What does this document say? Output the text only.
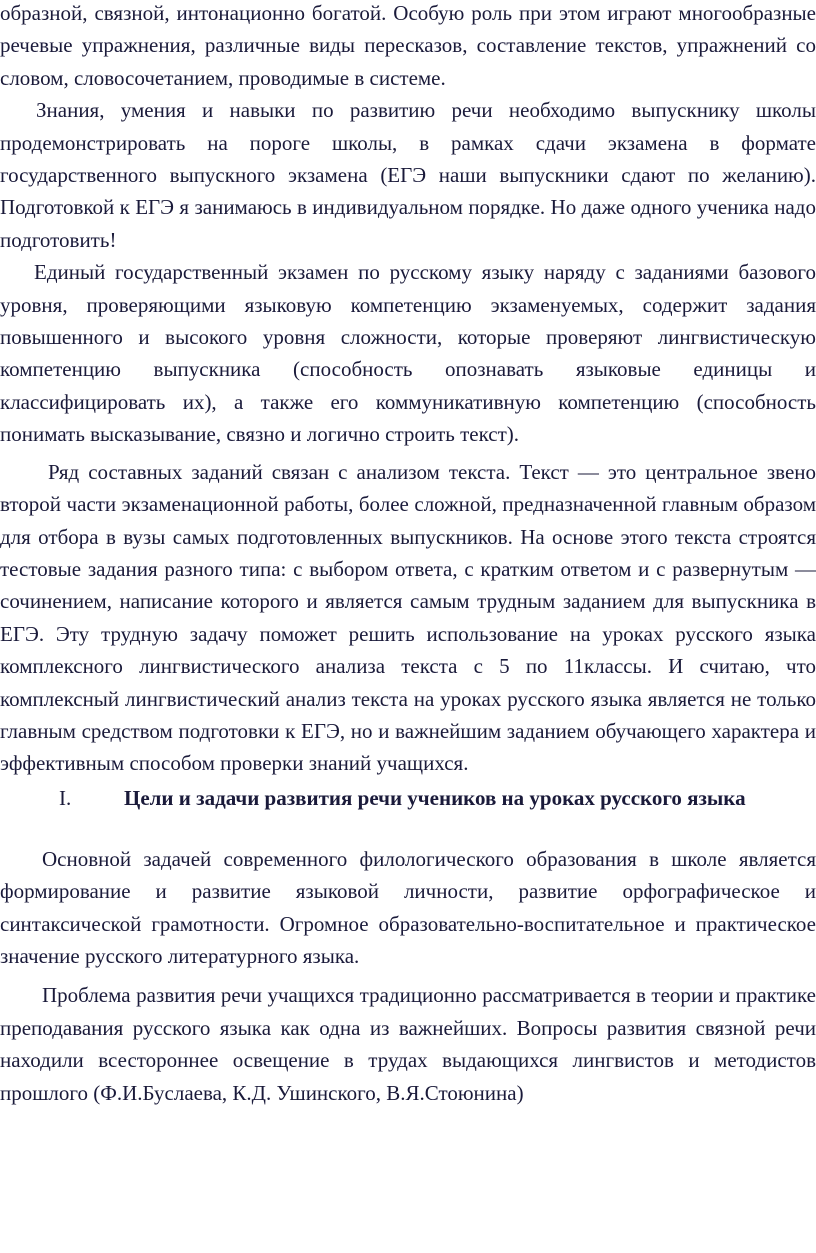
образной, связной, интонационно богатой. Особую роль при этом играют многообразные речевые упражнения, различные виды пересказов, составление текстов, упражнений со словом, словосочетанием, проводимые в системе.

Знания, умения и навыки по развитию речи необходимо выпускнику школы продемонстрировать на пороге школы, в рамках сдачи экзамена в формате государственного выпускного экзамена (ЕГЭ наши выпускники сдают по желанию). Подготовкой к ЕГЭ я занимаюсь в индивидуальном порядке. Но даже одного ученика надо подготовить!

Единый государственный экзамен по русскому языку наряду с заданиями базового уровня, проверяющими языковую компетенцию экзаменуемых, содержит задания повышенного и высокого уровня сложности, которые проверяют лингвистическую компетенцию выпускника (способность опознавать языковые единицы и классифицировать их), а также его коммуникативную компетенцию (способность понимать высказывание, связно и логично строить текст).

Ряд составных заданий связан с анализом текста. Текст — это центральное звено второй части экзаменационной работы, более сложной, предназначенной главным образом для отбора в вузы самых подготовленных выпускников. На основе этого текста строятся тестовые задания разного типа: с выбором ответа, с кратким ответом и с развернутым — сочинением, написание которого и является самым трудным заданием для выпускника в ЕГЭ. Эту трудную задачу поможет решить использование на уроках русского языка комплексного лингвистического анализа текста с 5 по 11классы. И считаю, что комплексный лингвистический анализ текста на уроках русского языка является не только главным средством подготовки к ЕГЭ, но и важнейшим заданием обучающего характера и эффективным способом проверки знаний учащихся.

I.	Цели и задачи развития речи учеников на уроках русского языка

Основной задачей современного филологического образования в школе является формирование и развитие языковой личности, развитие орфографическое и синтаксической грамотности. Огромное образовательно-воспитательное и практическое значение русского литературного языка.

Проблема развития речи учащихся традиционно рассматривается в теории и практике преподавания русского языка как одна из важнейших. Вопросы развития связной речи находили всестороннее освещение в трудах выдающихся лингвистов и методистов прошлого (Ф.И.Буслаева, К.Д. Ушинского, В.Я.Стоюнина)
